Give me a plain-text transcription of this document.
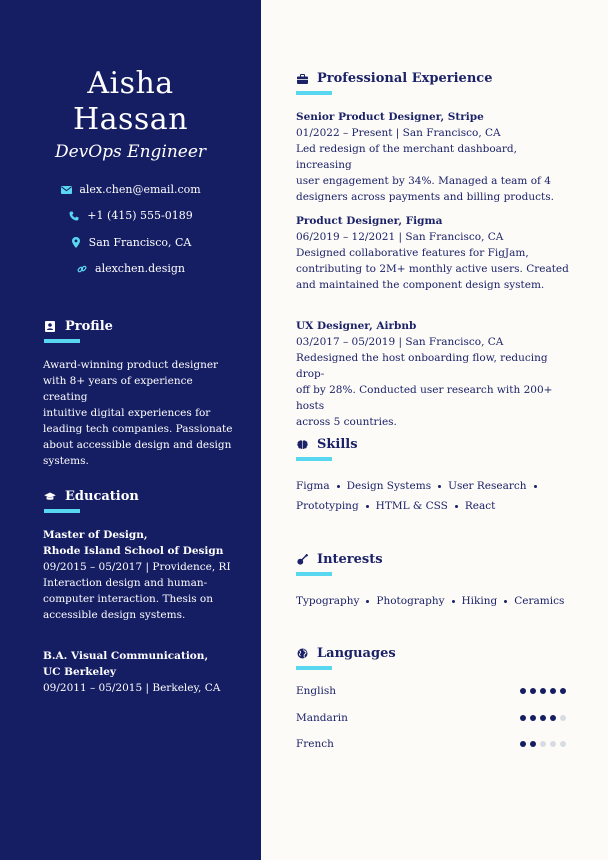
Aisha
Hassan
DevOps Engineer
alex.chen@email.com
+1 (415) 555-0189
San Francisco, CA
alexchen.design
Profile
Award-winning product designer
with 8+ years of experience creating
intuitive digital experiences for
leading tech companies. Passionate
about accessible design and design
systems.
Education
Master of Design,
Rhode Island School of Design
09/2015 – 05/2017 | Providence, RI
Interaction design and human-
computer interaction. Thesis on
accessible design systems.
B.A. Visual Communication,
UC Berkeley
09/2011 – 05/2015 | Berkeley, CA
Professional Experience
Senior Product Designer, Stripe
01/2022 – Present | San Francisco, CA
Led redesign of the merchant dashboard, increasing
user engagement by 34%. Managed a team of 4
designers across payments and billing products.
Product Designer, Figma
06/2019 – 12/2021 | San Francisco, CA
Designed collaborative features for FigJam,
contributing to 2M+ monthly active users. Created
and maintained the component design system.
UX Designer, Airbnb
03/2017 – 05/2019 | San Francisco, CA
Redesigned the host onboarding flow, reducing drop-
off by 28%. Conducted user research with 200+ hosts
across 5 countries.
Skills
Figma Design Systems User Research
Prototyping HTML & CSS React
Interests
Typography Photography Hiking Ceramics
Languages
English
Mandarin
French
